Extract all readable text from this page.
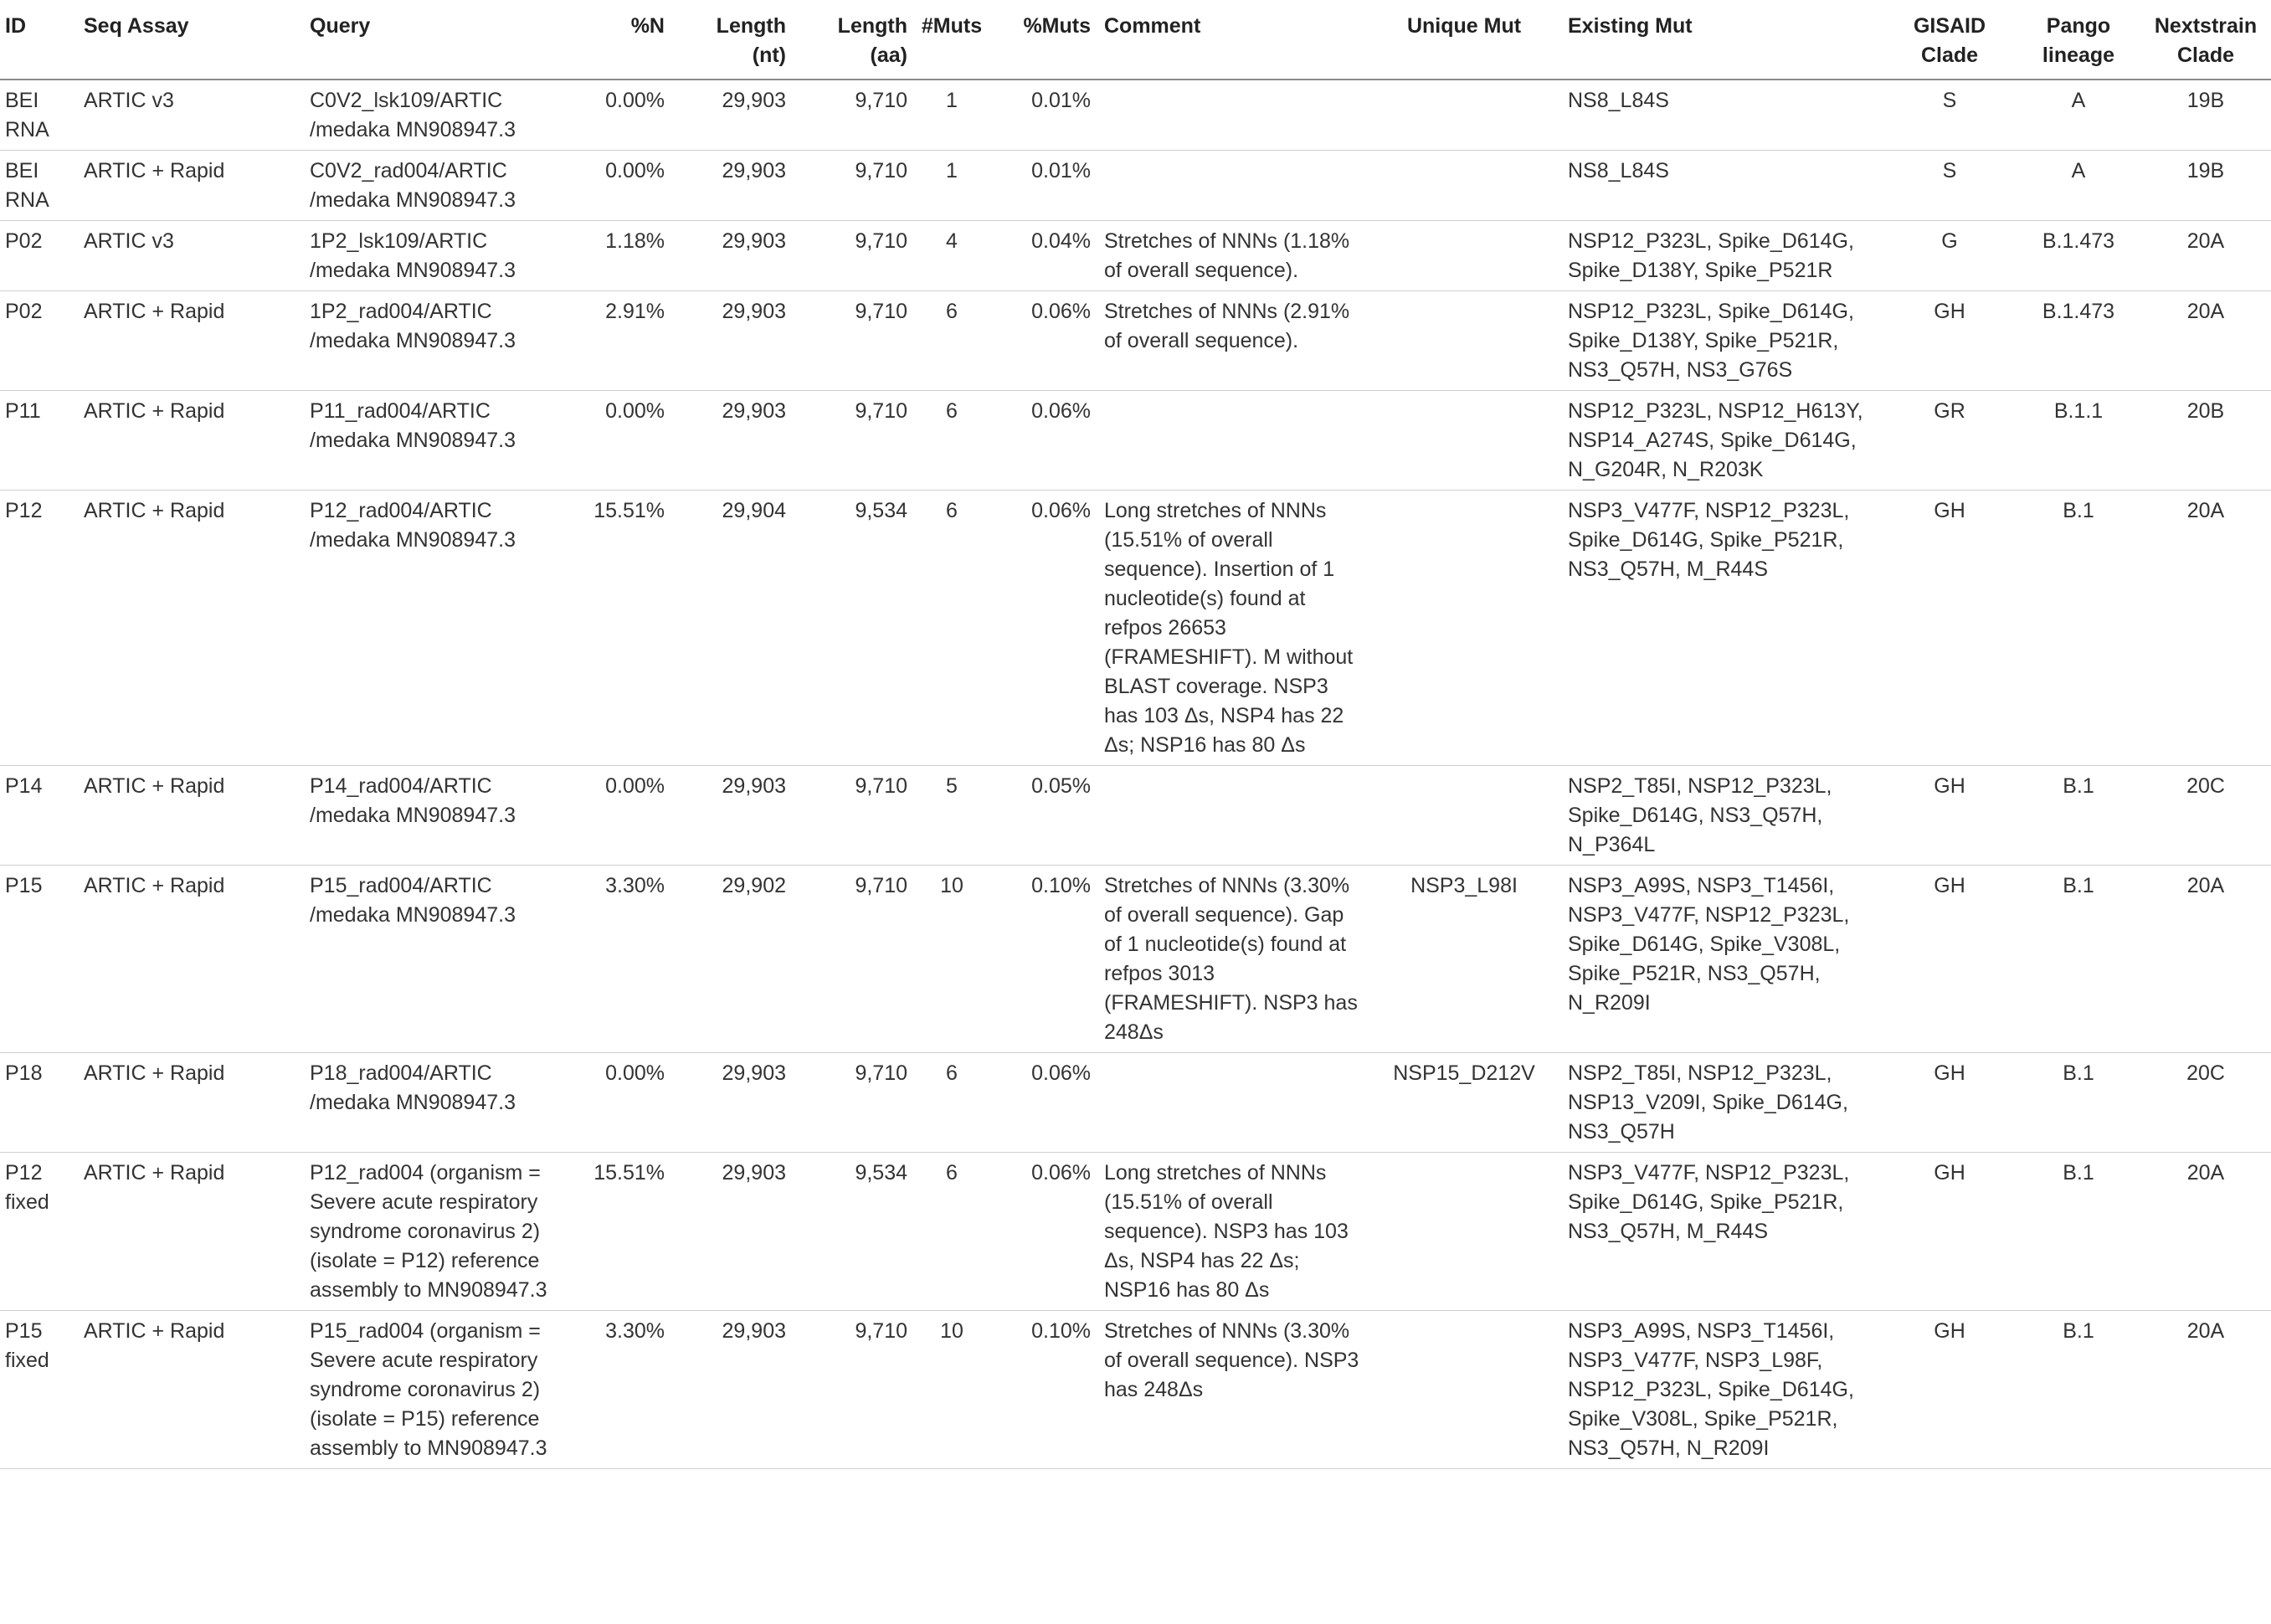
ID	Seq Assay	Query	%N	Length (nt)	Length (aa)	#Muts	%Muts	Comment	Unique Mut	Existing Mut	GISAID Clade	Pango lineage	Nextstrain Clade
BEI RNA	ARTIC v3	C0V2_lsk109/ARTIC /medaka MN908947.3	0.00%	29,903	9,710	1	0.01%			NS8_L84S	S	A	19B
BEI RNA	ARTIC + Rapid	C0V2_rad004/ARTIC /medaka MN908947.3	0.00%	29,903	9,710	1	0.01%			NS8_L84S	S	A	19B
P02	ARTIC v3	1P2_lsk109/ARTIC /medaka MN908947.3	1.18%	29,903	9,710	4	0.04%	Stretches of NNNs (1.18% of overall sequence).		NSP12_P323L, Spike_D614G, Spike_D138Y, Spike_P521R	G	B.1.473	20A
P02	ARTIC + Rapid	1P2_rad004/ARTIC /medaka MN908947.3	2.91%	29,903	9,710	6	0.06%	Stretches of NNNs (2.91% of overall sequence).		NSP12_P323L, Spike_D614G, Spike_D138Y, Spike_P521R, NS3_Q57H, NS3_G76S	GH	B.1.473	20A
P11	ARTIC + Rapid	P11_rad004/ARTIC /medaka MN908947.3	0.00%	29,903	9,710	6	0.06%			NSP12_P323L, NSP12_H613Y, NSP14_A274S, Spike_D614G, N_G204R, N_R203K	GR	B.1.1	20B
P12	ARTIC + Rapid	P12_rad004/ARTIC /medaka MN908947.3	15.51%	29,904	9,534	6	0.06%	Long stretches of NNNs (15.51% of overall sequence). Insertion of 1 nucleotide(s) found at refpos 26653 (FRAMESHIFT). M without BLAST coverage. NSP3 has 103 Δs, NSP4 has 22 Δs; NSP16 has 80 Δs		NSP3_V477F, NSP12_P323L, Spike_D614G, Spike_P521R, NS3_Q57H, M_R44S	GH	B.1	20A
P14	ARTIC + Rapid	P14_rad004/ARTIC /medaka MN908947.3	0.00%	29,903	9,710	5	0.05%			NSP2_T85I, NSP12_P323L, Spike_D614G, NS3_Q57H, N_P364L	GH	B.1	20C
P15	ARTIC + Rapid	P15_rad004/ARTIC /medaka MN908947.3	3.30%	29,902	9,710	10	0.10%	Stretches of NNNs (3.30% of overall sequence). Gap of 1 nucleotide(s) found at refpos 3013 (FRAMESHIFT). NSP3 has 248Δs	NSP3_L98I	NSP3_A99S, NSP3_T1456I, NSP3_V477F, NSP12_P323L, Spike_D614G, Spike_V308L, Spike_P521R, NS3_Q57H, N_R209I	GH	B.1	20A
P18	ARTIC + Rapid	P18_rad004/ARTIC /medaka MN908947.3	0.00%	29,903	9,710	6	0.06%		NSP15_D212V	NSP2_T85I, NSP12_P323L, NSP13_V209I, Spike_D614G, NS3_Q57H	GH	B.1	20C
P12 fixed	ARTIC + Rapid	P12_rad004 (organism = Severe acute respiratory syndrome coronavirus 2) (isolate = P12) reference assembly to MN908947.3	15.51%	29,903	9,534	6	0.06%	Long stretches of NNNs (15.51% of overall sequence). NSP3 has 103 Δs, NSP4 has 22 Δs; NSP16 has 80 Δs		NSP3_V477F, NSP12_P323L, Spike_D614G, Spike_P521R, NS3_Q57H, M_R44S	GH	B.1	20A
P15 fixed	ARTIC + Rapid	P15_rad004 (organism = Severe acute respiratory syndrome coronavirus 2) (isolate = P15) reference assembly to MN908947.3	3.30%	29,903	9,710	10	0.10%	Stretches of NNNs (3.30% of overall sequence). NSP3 has 248Δs		NSP3_A99S, NSP3_T1456I, NSP3_V477F, NSP3_L98F, NSP12_P323L, Spike_D614G, Spike_V308L, Spike_P521R, NS3_Q57H, N_R209I	GH	B.1	20A
